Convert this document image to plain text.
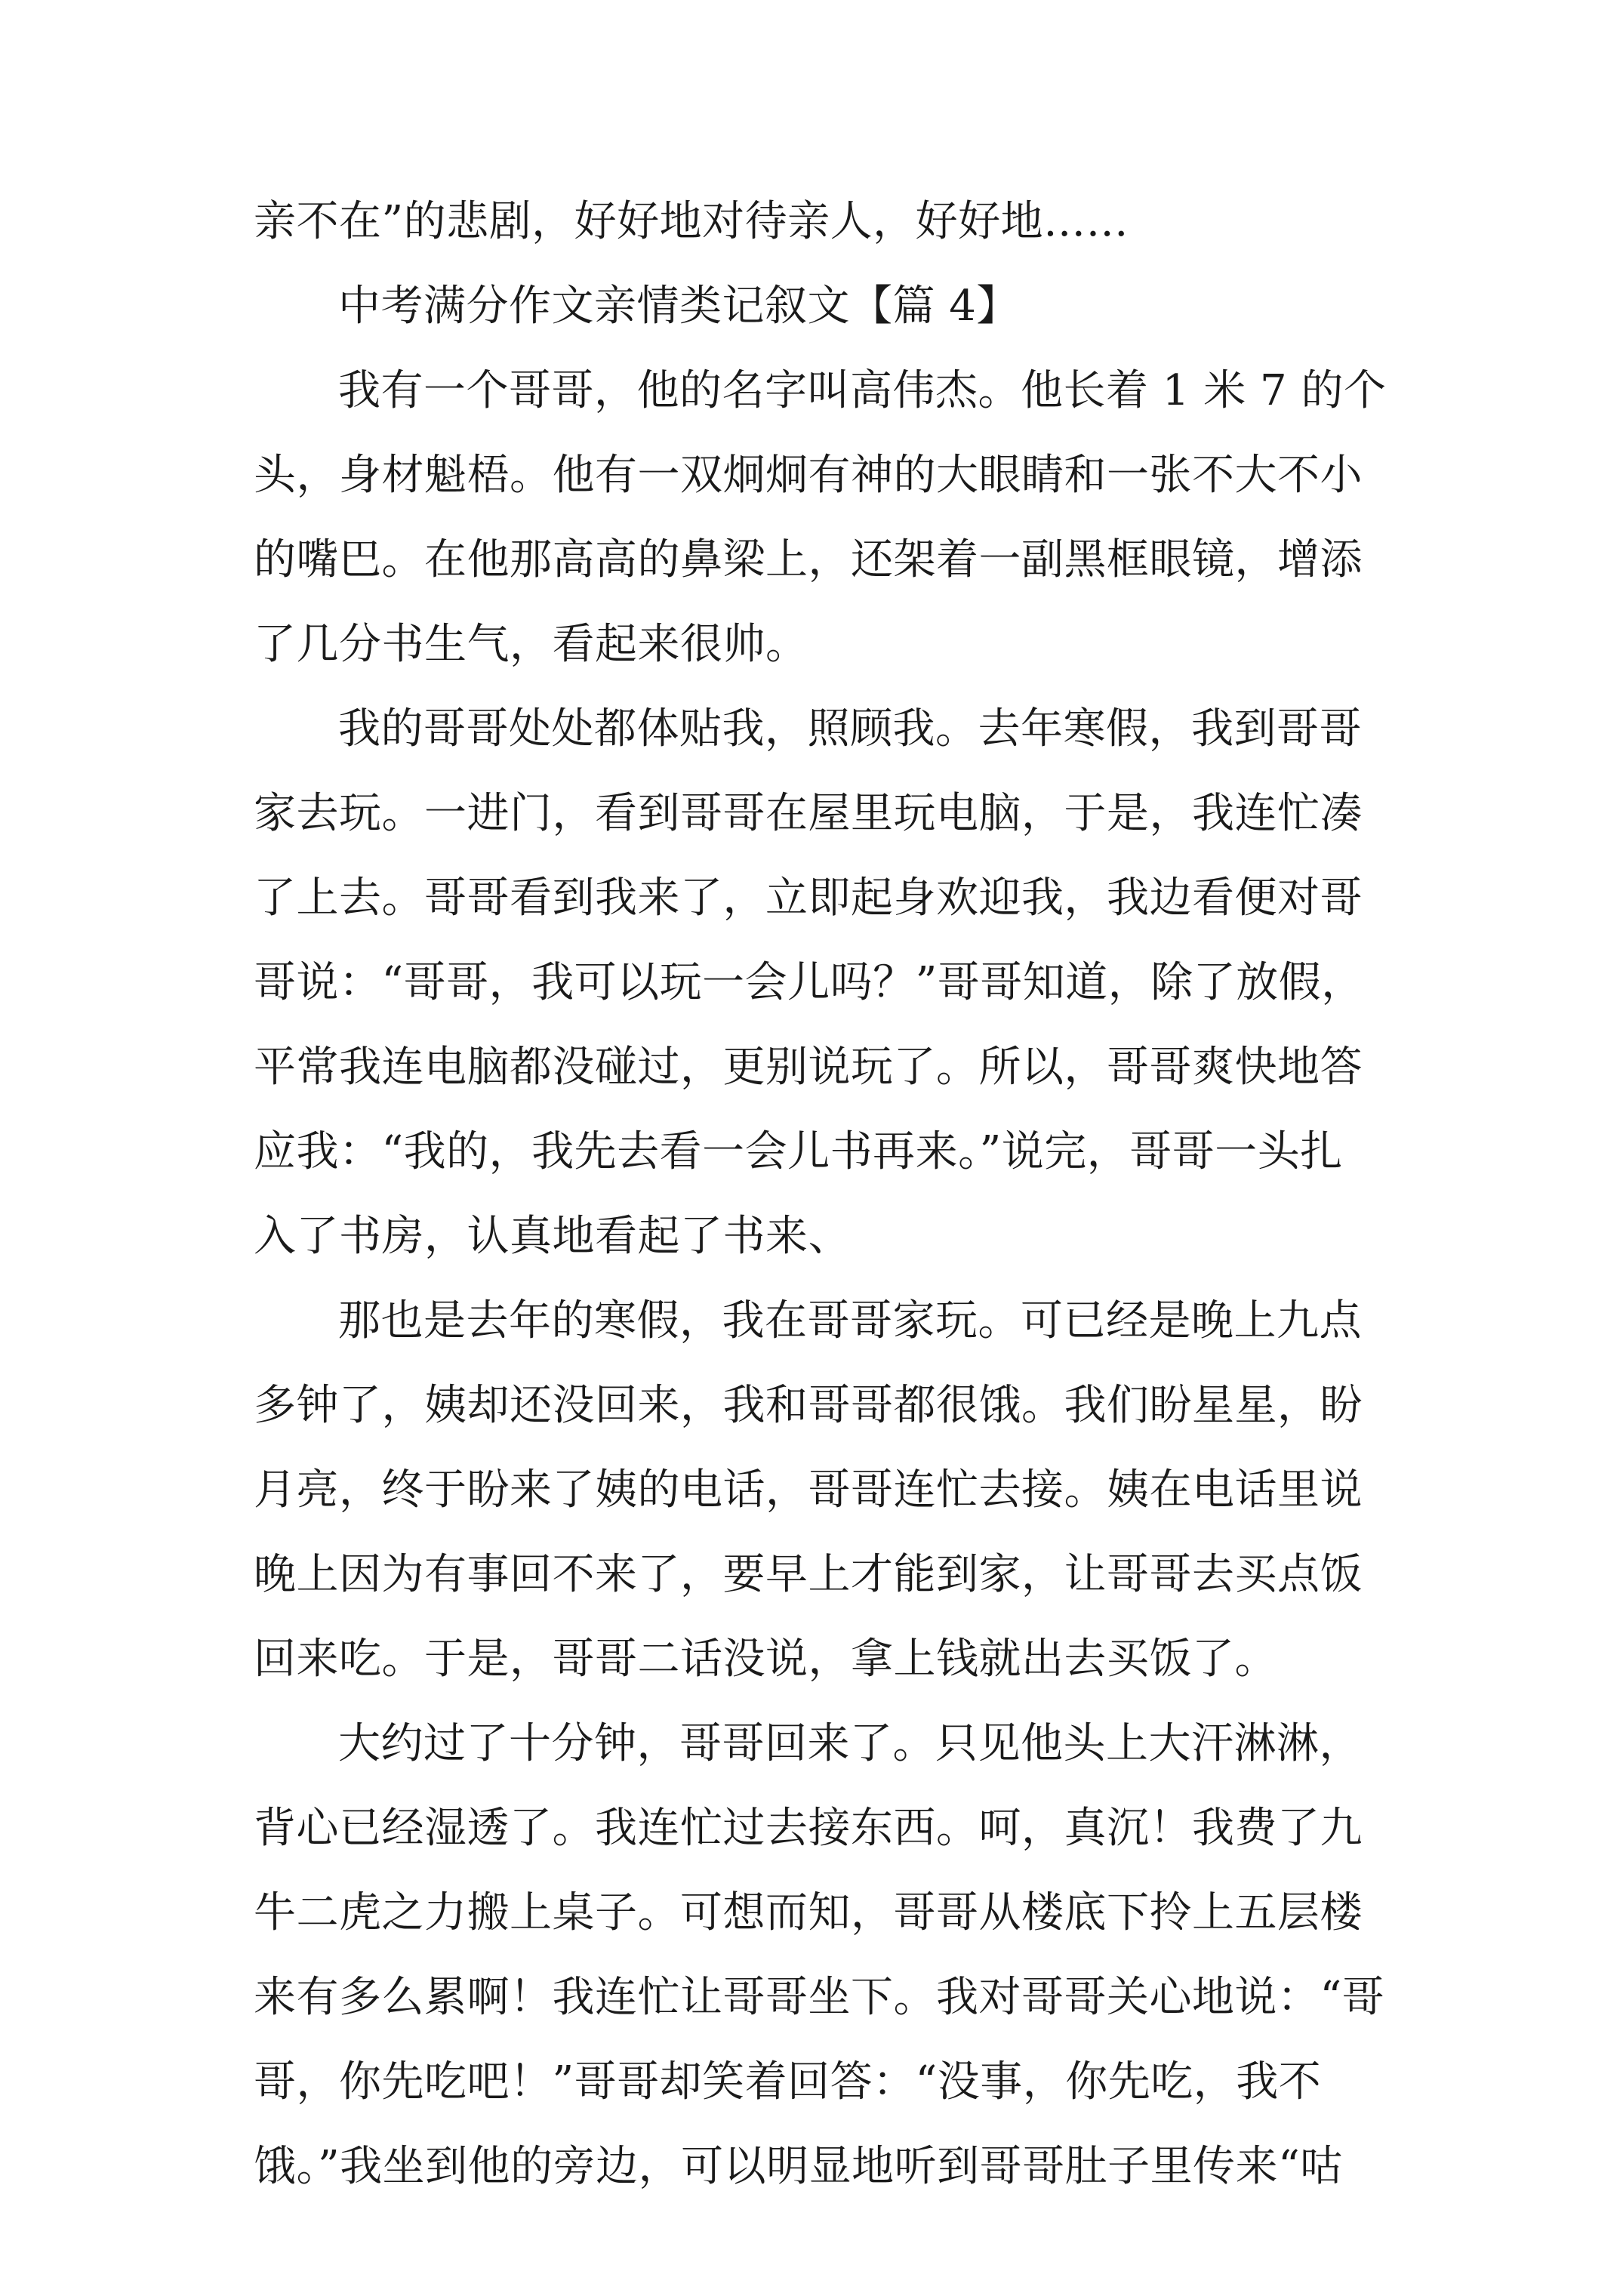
亲不在”的悲剧，好好地对待亲人，好好地……
中考满分作文亲情类记叙文【篇 4】
我有一个哥哥，他的名字叫高伟杰。他长着 1 米 7 的个
头，身材魁梧。他有一双炯炯有神的大眼睛和一张不大不小
的嘴巴。在他那高高的鼻梁上，还架着一副黑框眼镜，增添
了几分书生气，看起来很帅。
我的哥哥处处都体贴我，照顾我。去年寒假，我到哥哥
家去玩。一进门，看到哥哥在屋里玩电脑，于是，我连忙凑
了上去。哥哥看到我来了，立即起身欢迎我，我边看便对哥
哥说：“哥哥，我可以玩一会儿吗？”哥哥知道，除了放假，
平常我连电脑都没碰过，更别说玩了。所以，哥哥爽快地答
应我：“我的，我先去看一会儿书再来。”说完，哥哥一头扎
入了书房，认真地看起了书来、
那也是去年的寒假，我在哥哥家玩。可已经是晚上九点
多钟了，姨却还没回来，我和哥哥都很饿。我们盼星星，盼
月亮，终于盼来了姨的电话，哥哥连忙去接。姨在电话里说
晚上因为有事回不来了，要早上才能到家，让哥哥去买点饭
回来吃。于是，哥哥二话没说，拿上钱就出去买饭了。
大约过了十分钟，哥哥回来了。只见他头上大汗淋淋，
背心已经湿透了。我连忙过去接东西。呵，真沉！我费了九
牛二虎之力搬上桌子。可想而知，哥哥从楼底下拎上五层楼
来有多么累啊！我连忙让哥哥坐下。我对哥哥关心地说：“哥
哥，你先吃吧！”哥哥却笑着回答：“没事，你先吃，我不
饿。”我坐到他的旁边，可以明显地听到哥哥肚子里传来“咕
